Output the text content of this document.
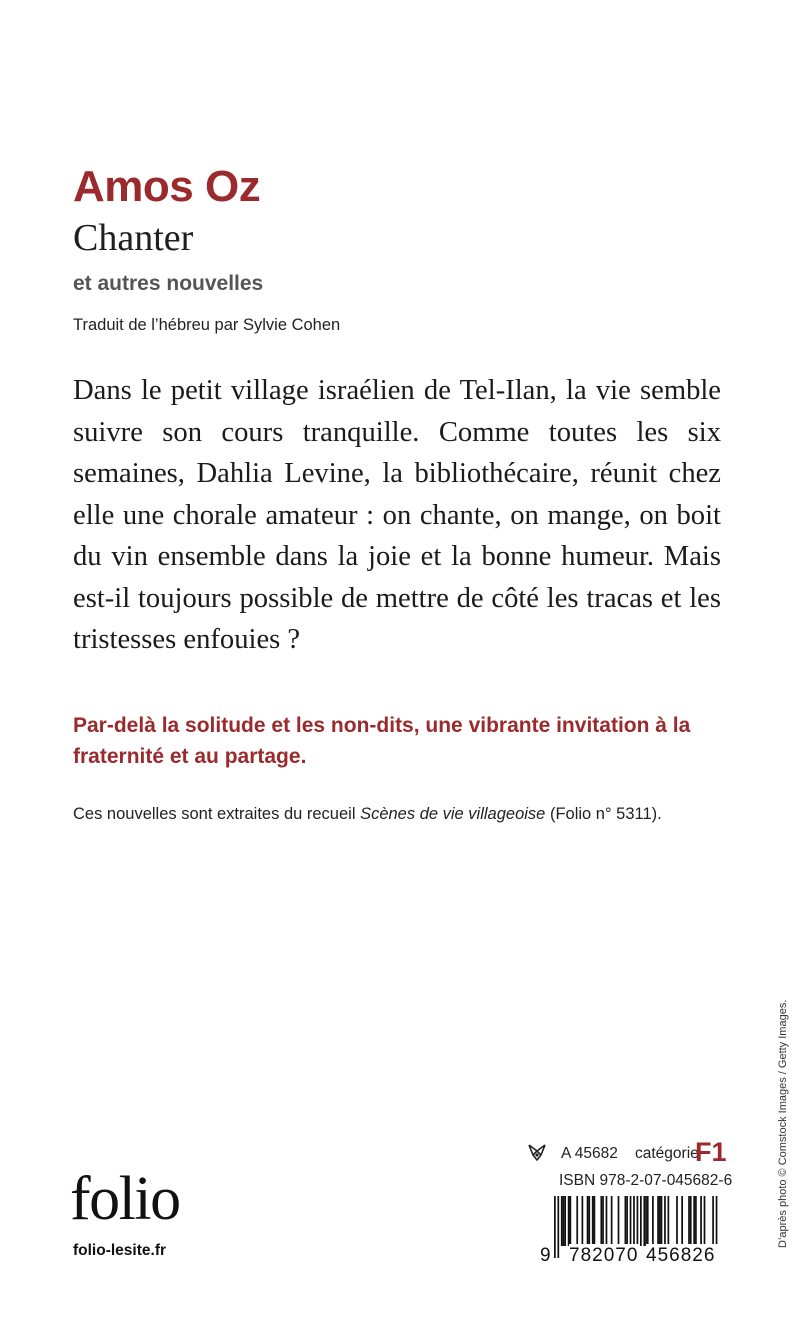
Amos Oz
Chanter
et autres nouvelles
Traduit de l’hébreu par Sylvie Cohen

Dans le petit village israélien de Tel-Ilan, la vie semble suivre son cours tranquille. Comme toutes les six semaines, Dahlia Levine, la bibliothécaire, réunit chez elle une chorale amateur : on chante, on mange, on boit du vin ensemble dans la joie et la bonne humeur. Mais est-il toujours possible de mettre de côté les tracas et les tristesses enfouies ?

Par-delà la solitude et les non-dits, une vibrante invitation à la fraternité et au partage.
Ces nouvelles sont extraites du recueil Scènes de vie villageoise (Folio n° 5311).
D’après photo © Comstock Images / Getty Images.
folio
folio-lesite.fr
A 45682 catégorie
F1
ISBN 978-2-07-045682-6
9 782070 456826
